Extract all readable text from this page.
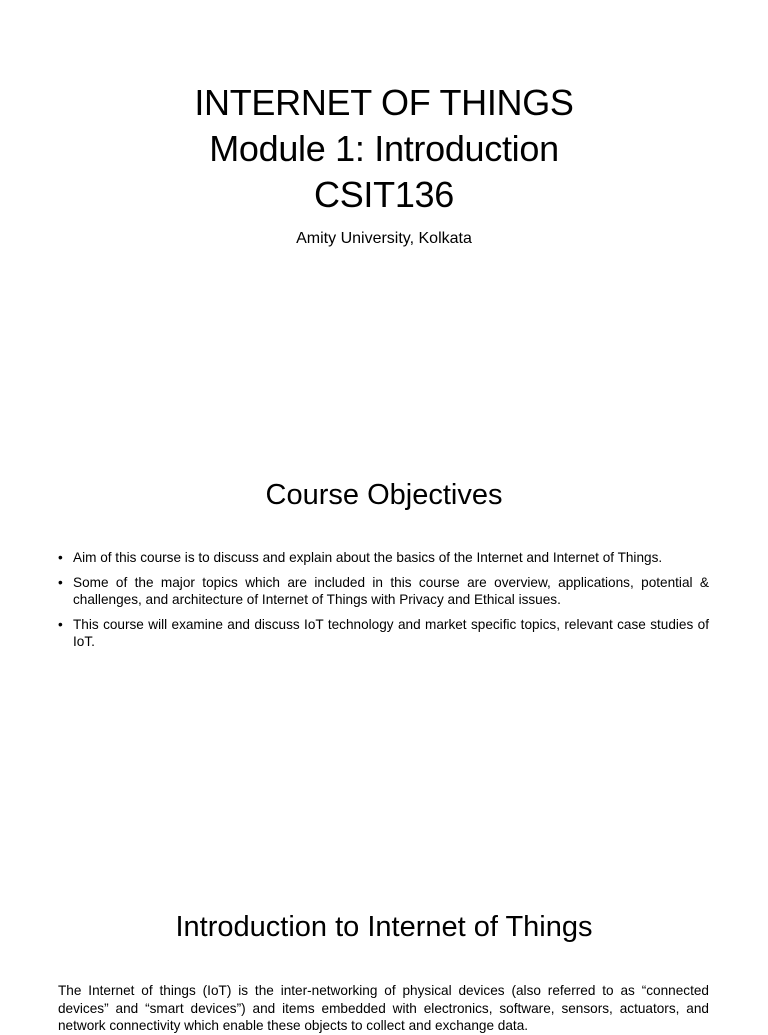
INTERNET OF THINGS
Module 1: Introduction
CSIT136
Amity University, Kolkata
Course Objectives
• Aim of this course is to discuss and explain about the basics of the Internet and Internet of Things.
• Some of the major topics which are included in this course are overview, applications, potential & challenges, and architecture of Internet of Things with Privacy and Ethical issues.
• This course will examine and discuss IoT technology and market specific topics, relevant case studies of IoT.
Introduction to Internet of Things

The Internet of things (IoT) is the inter-networking of physical devices (also referred to as “connected devices” and “smart devices”) and items embedded with electronics, software, sensors, actuators, and network connectivity which enable these objects to collect and exchange data.
